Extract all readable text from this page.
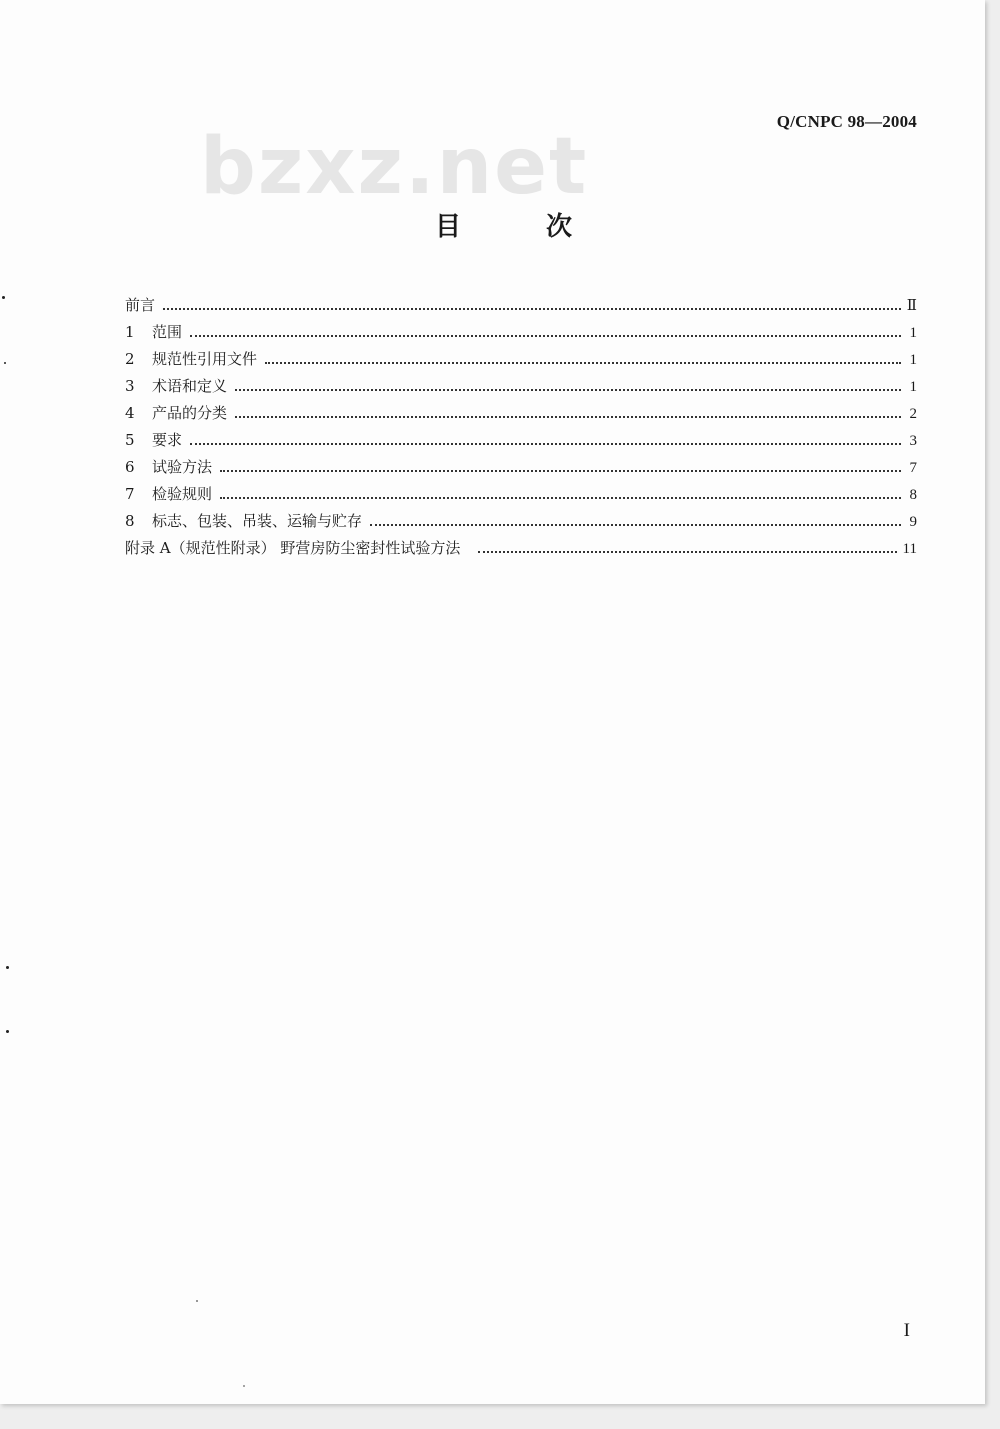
Q/CNPC 98—2004
bzxz.net
目 次
前言	Ⅱ
1	范围	1
2	规范性引用文件	1
3	术语和定义	1
4	产品的分类	2
5	要求	3
6	试验方法	7
7	检验规则	8
8	标志、包装、吊装、运输与贮存	9
附录 A（规范性附录） 野营房防尘密封性试验方法	11
I
